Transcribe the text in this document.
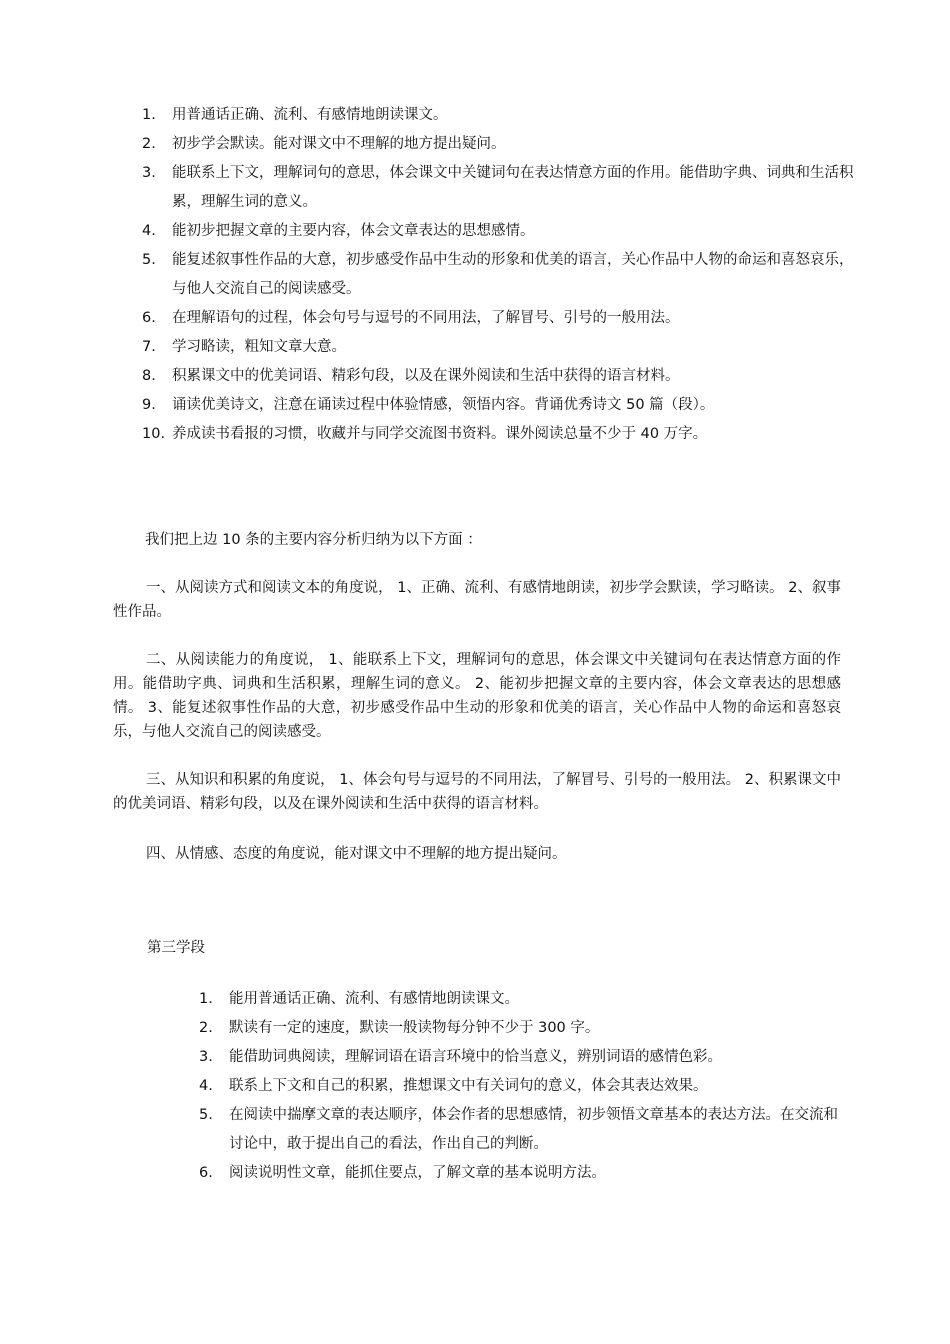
1. 用普通话正确、流利、有感情地朗读课文。
2. 初步学会默读。能对课文中不理解的地方提出疑问。
3. 能联系上下文，理解词句的意思，体会课文中关键词句在表达情意方面的作用。能借助字典、词典和生活积累，理解生词的意义。
4. 能初步把握文章的主要内容，体会文章表达的思想感情。
5. 能复述叙事性作品的大意，初步感受作品中生动的形象和优美的语言，关心作品中人物的命运和喜怒哀乐，与他人交流自己的阅读感受。
6. 在理解语句的过程，体会句号与逗号的不同用法，了解冒号、引号的一般用法。
7. 学习略读，粗知文章大意。
8. 积累课文中的优美词语、精彩句段，以及在课外阅读和生活中获得的语言材料。
9. 诵读优美诗文，注意在诵读过程中体验情感，领悟内容。背诵优秀诗文 50 篇（段）。
10. 养成读书看报的习惯，收藏并与同学交流图书资料。课外阅读总量不少于 40 万字。
我们把上边 10 条的主要内容分析归纳为以下方面 ：

一、从阅读方式和阅读文本的角度说， 1、正确、流利、有感情地朗读，初步学会默读，学习略读。 2、叙事性作品。

二、从阅读能力的角度说， 1、能联系上下文，理解词句的意思，体会课文中关键词句在表达情意方面的作用。能借助字典、词典和生活积累，理解生词的意义。 2、能初步把握文章的主要内容，体会文章表达的思想感情。 3、能复述叙事性作品的大意，初步感受作品中生动的形象和优美的语言，关心作品中人物的命运和喜怒哀乐，与他人交流自己的阅读感受。

三、从知识和积累的角度说， 1、体会句号与逗号的不同用法，了解冒号、引号的一般用法。 2、积累课文中的优美词语、精彩句段，以及在课外阅读和生活中获得的语言材料。

四、从情感、态度的角度说，能对课文中不理解的地方提出疑问。

第三学段
1. 能用普通话正确、流利、有感情地朗读课文。
2. 默读有一定的速度，默读一般读物每分钟不少于 300 字。
3. 能借助词典阅读，理解词语在语言环境中的恰当意义，辨别词语的感情色彩。
4. 联系上下文和自己的积累，推想课文中有关词句的意义，体会其表达效果。
5. 在阅读中揣摩文章的表达顺序，体会作者的思想感情，初步领悟文章基本的表达方法。在交流和讨论中，敢于提出自己的看法，作出自己的判断。
6. 阅读说明性文章，能抓住要点，了解文章的基本说明方法。
